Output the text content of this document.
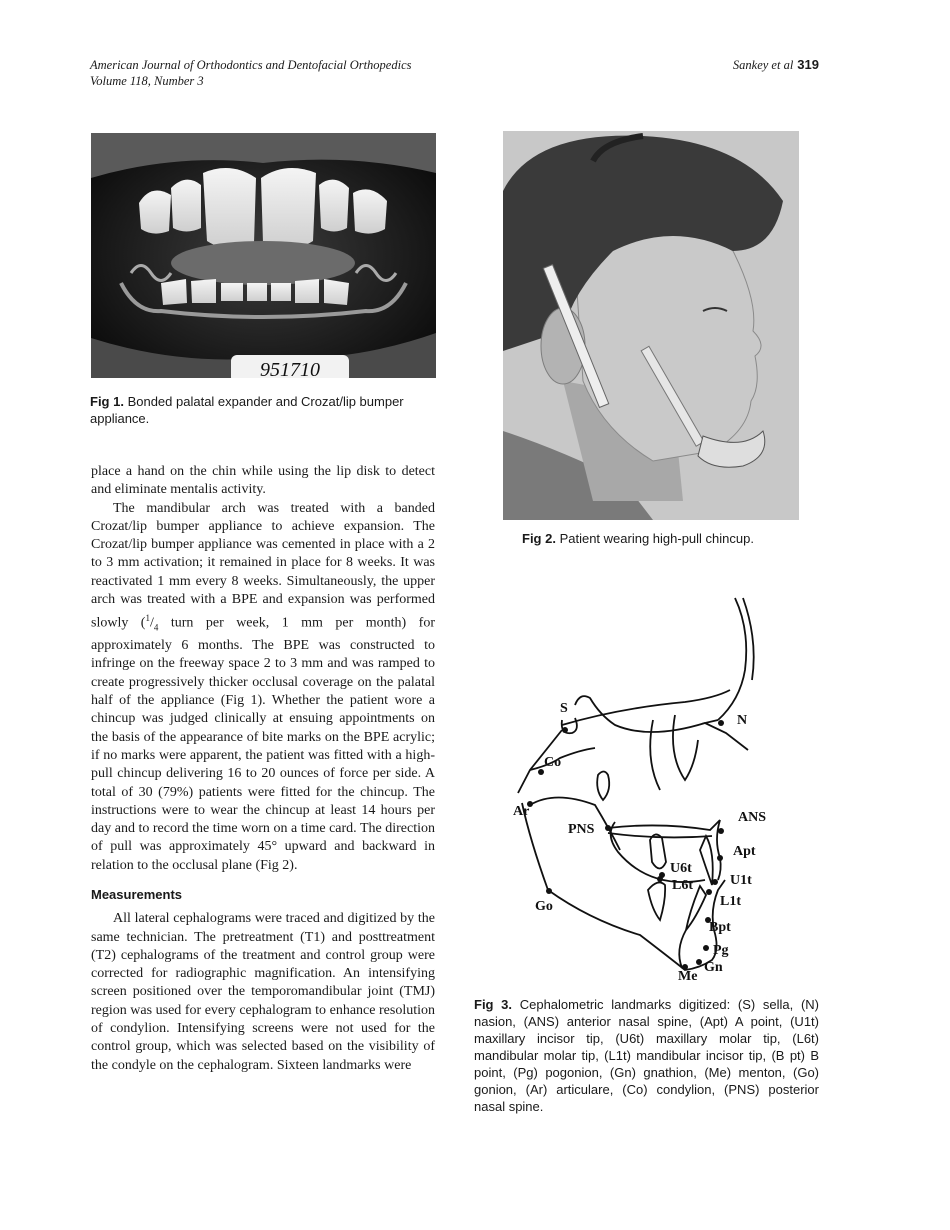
American Journal of Orthodontics and Dentofacial Orthopedics
Volume 118, Number 3
Sankey et al 319
951710
Fig 1. Bonded palatal expander and Crozat/lip bumper appliance.
Fig 2. Patient wearing high-pull chincup.

place a hand on the chin while using the lip disk to detect and eliminate mentalis activity.

The mandibular arch was treated with a banded Crozat/lip bumper appliance to achieve expansion. The Crozat/lip bumper appliance was cemented in place with a 2 to 3 mm activation; it remained in place for 8 weeks. It was reactivated 1 mm every 8 weeks. Simultaneously, the upper arch was treated with a BPE and expansion was performed slowly ($^1/_4$ turn per week, 1 mm per month) for approximately 6 months. The BPE was constructed to infringe on the freeway space 2 to 3 mm and was ramped to create progressively thicker occlusal coverage on the palatal half of the appliance (Fig 1). Whether the patient wore a chincup was judged clinically at ensuing appointments on the basis of the appearance of bite marks on the BPE acrylic; if no marks were apparent, the patient was fitted with a high-pull chincup delivering 16 to 20 ounces of force per side. A total of 30 (79%) patients were fitted for the chincup. The instructions were to wear the chincup at least 14 hours per day and to record the time worn on a time card. The direction of pull was approximately 45° upward and backward in relation to the occlusal plane (Fig 2).

Measurements

All lateral cephalograms were traced and digitized by the same technician. The pretreatment (T1) and posttreatment (T2) cephalograms of the treatment and control group were corrected for radiographic magnification. An intensifying screen positioned over the temporomandibular joint (TMJ) region was used for every cephalogram to enhance resolution of condylion. Intensifying screens were not used for the control group, which was selected based on the visibility of the condyle on the cephalogram. Sixteen landmarks were

S
N
Co
Ar
PNS
ANS
Apt
U6t
L6t	U1t
L1t
Go
Bpt
Pg
Gn
Me
Fig 3. Cephalometric landmarks digitized: (S) sella, (N) nasion, (ANS) anterior nasal spine, (Apt) A point, (U1t) maxillary incisor tip, (U6t) maxillary molar tip, (L6t) mandibular molar tip, (L1t) mandibular incisor tip, (B pt) B point, (Pg) pogonion, (Gn) gnathion, (Me) menton, (Go) gonion, (Ar) articulare, (Co) condylion, (PNS) posterior nasal spine.
